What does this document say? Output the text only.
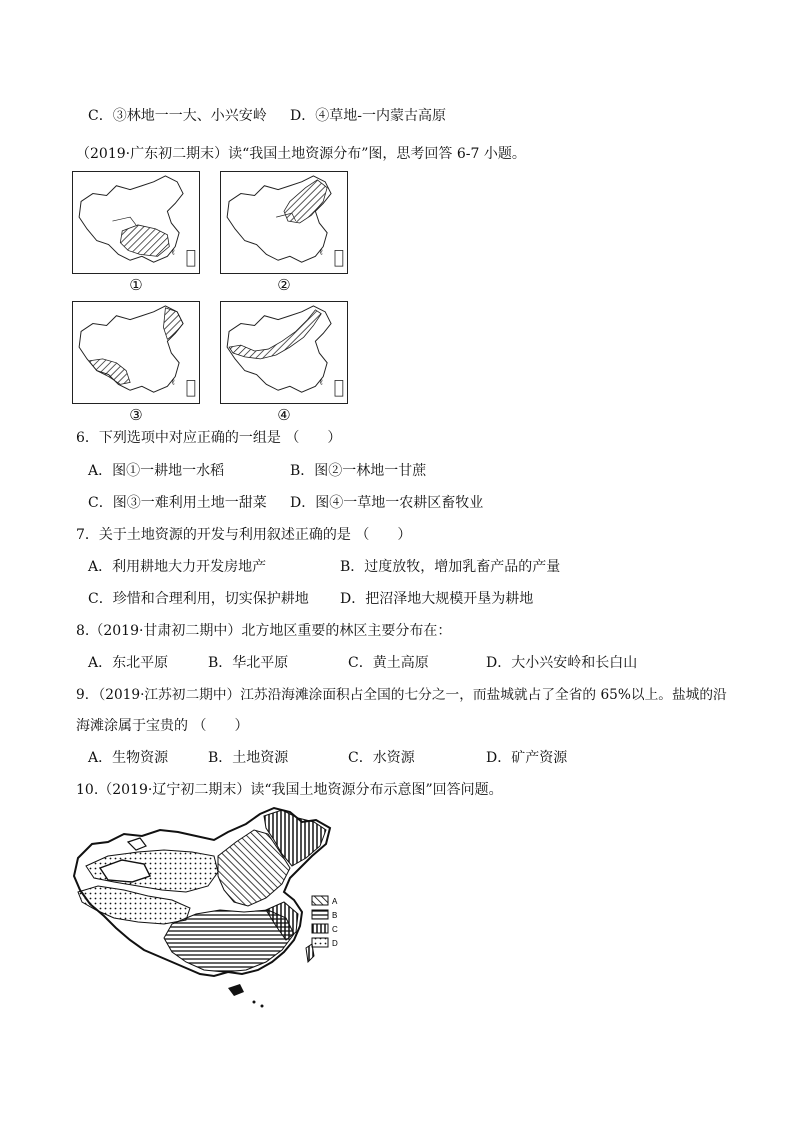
C．③林地一一大、小兴安岭 D．④草地-一内蒙古高原
（2019·广东初二期末）读“我国土地资源分布”图，思考回答 6-7 小题。
ℓ
①
ℓ
②
ℓ
③
ℓ
④
6．下列选项中对应正确的一组是 （　　）
A．图①一耕地一水稻	B．图②一林地一甘蔗
C．图③一难利用土地一甜菜 D．图④一草地一农耕区畜牧业
7．关于土地资源的开发与利用叙述正确的是 （　　）
A．利用耕地大力开发房地产	B．过度放牧，增加乳畜产品的产量
C．珍惜和合理利用，切实保护耕地 D．把沼泽地大规模开垦为耕地
8.（2019·甘肃初二期中）北方地区重要的林区主要分布在：
A．东北平原	B．华北平原	C．黄土高原	D．大小兴安岭和长白山
9．（2019·江苏初二期中）江苏沿海滩涂面积占全国的七分之一，而盐城就占了全省的 65%以上。盐城的沿
海滩涂属于宝贵的 （　　）
A．生物资源	B．土地资源	C．水资源	D．矿产资源
10.（2019·辽宁初二期末）读“我国土地资源分布示意图”回答问题。
A
B
C
D
